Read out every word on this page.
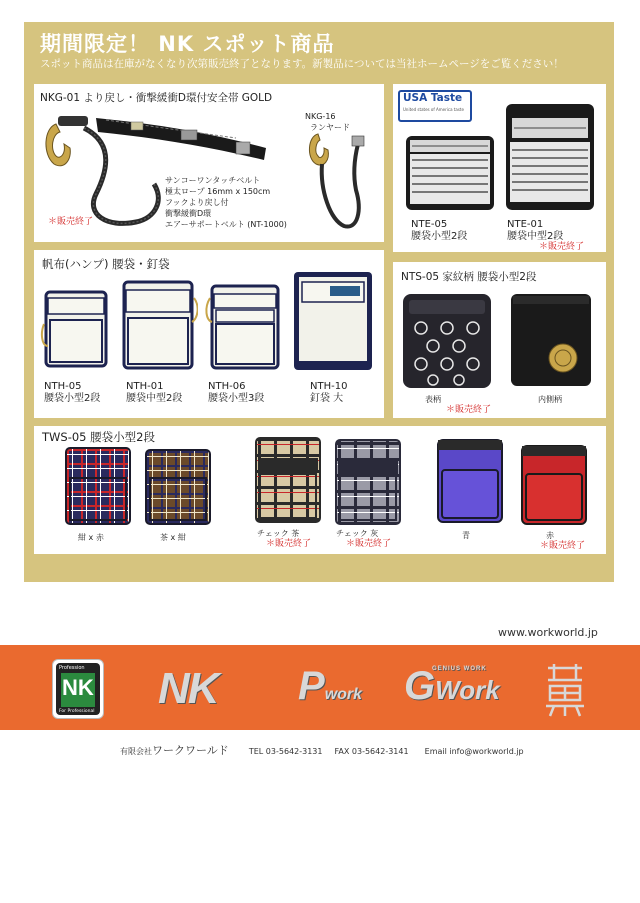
期間限定！ NK スポット商品
スポット商品は在庫がなくなり次第販売終了となります。新製品については当社ホームページをご覧ください！
NKG-01 より戻し・衝撃緩衝D環付安全帯 GOLD
サンコーワンタッチベルト
極太ロープ 16mm x 150cm
フックより戻し付
衝撃緩衝D環
エアーサポートベルト (NT-1000)
＊販売終了
NKG-16
ランヤード
USA Taste
United states of America taste
NTE-05
腰袋小型2段
NTE-01
腰袋中型2段
＊販売終了
帆布(ハンプ) 腰袋・釘袋
NTH-05
腰袋小型2段
NTH-01
腰袋中型2段
NTH-06
腰袋小型3段
NTH-10
釘袋 大
NTS-05 家紋柄 腰袋小型2段
表柄
＊販売終了
内側柄
TWS-05 腰袋小型2段
紺 x 赤	茶 x 紺	チェック 茶
＊販売終了
チェック 灰
＊販売終了
青	赤
＊販売終了
www.workworld.jp
Profession
NK
For Professional NK Pwork
GENIUS WORK
GWork
有限会社ワークワールド	TEL 03-5642-3131 FAX 03-5642-3141 Email info@workworld.jp
